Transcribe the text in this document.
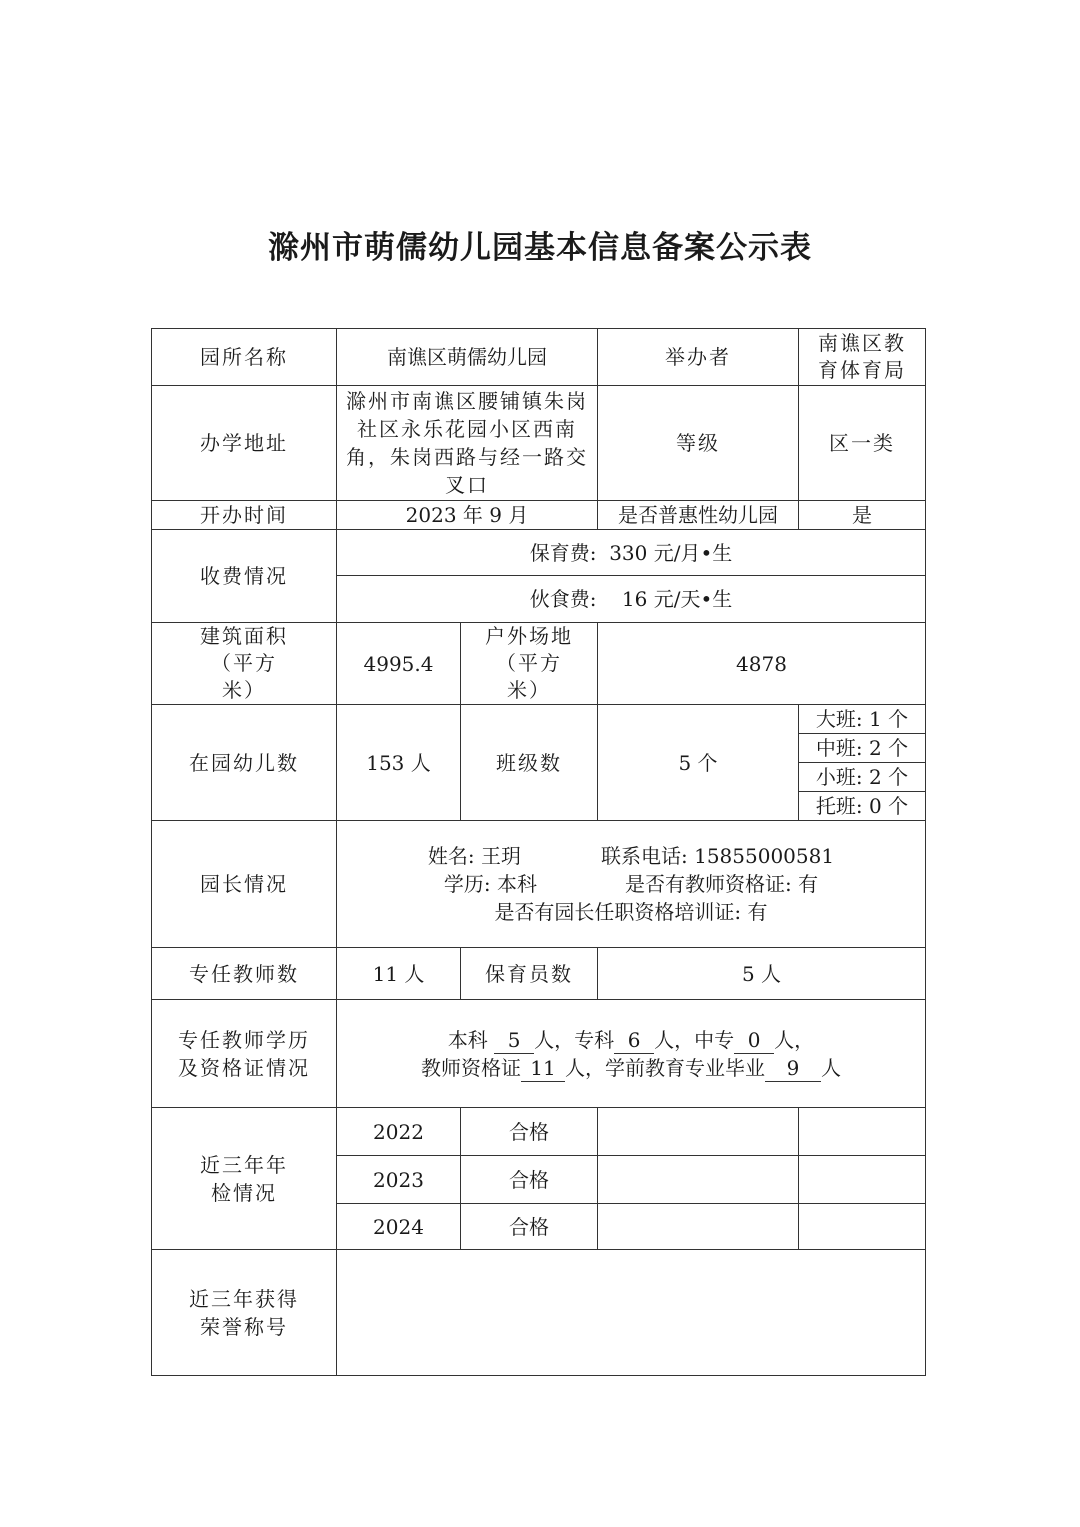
滁州市萌儒幼儿园基本信息备案公示表
园所名称	南谯区萌儒幼儿园		举办者	南谯区教育体育局

办学地址	滁州市南谯区腰铺镇朱岗社区永乐花园小区西南角，朱岗西路与经一路交叉口		等级	区一类
开办时间	2023 年 9 月		是否普惠性幼儿园	是
收费情况	保育费: 330 元/月•生			
	伙食费: 16 元/天•生			

建筑面积（平方米）	4995.4	户外场地（平方米）	4878	
在园幼儿数	153 人	班级数	5 个	大班: 1 个
				中班: 2 个
				小班: 2 个
				托班: 0 个
园长情况	姓名: 王玥 联系电话: 15855000581
学历: 本科 是否有教师资格证: 有
是否有园长任职资格培训证: 有			

专任教师数	11 人	保育员数	5 人	

专任教师学历及资格证情况	本科 5 人，专科 6 人，中专 0 人，
教师资格证 11 人，学前教育专业毕业 9 人			

近三年年检情况	2022	合格		
	2023	合格		
	2024	合格		

近三年获得荣誉称号				
